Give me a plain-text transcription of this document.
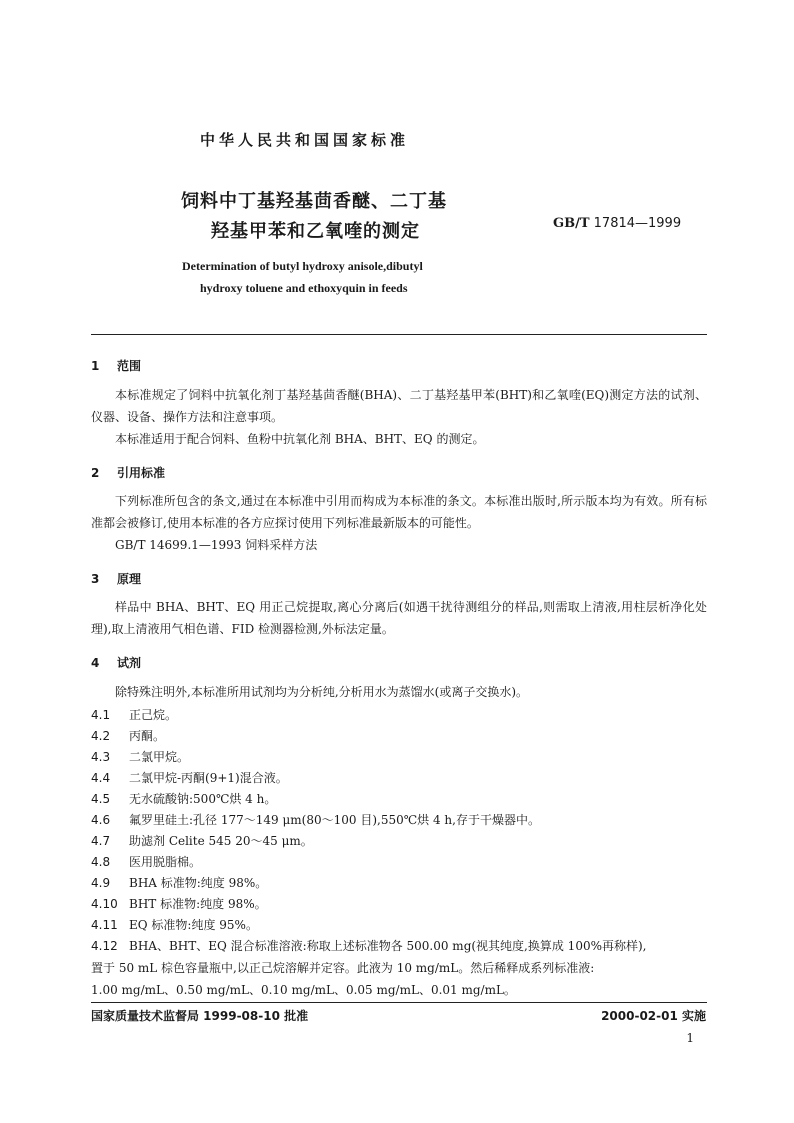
中华人民共和国国家标准
饲料中丁基羟基茴香醚、二丁基
羟基甲苯和乙氧喹的测定	GB/T 17814—1999
Determination of butyl hydroxy anisole,dibutyl
hydroxy toluene and ethoxyquin in feeds
1 范围
本标准规定了饲料中抗氧化剂丁基羟基茴香醚(BHA)、二丁基羟基甲苯(BHT)和乙氧喹(EQ)测定方法的试剂、仪器、设备、操作方法和注意事项。
本标准适用于配合饲料、鱼粉中抗氧化剂 BHA、BHT、EQ 的测定。
2 引用标准
下列标准所包含的条文,通过在本标准中引用而构成为本标准的条文。本标准出版时,所示版本均为有效。所有标准都会被修订,使用本标准的各方应探讨使用下列标准最新版本的可能性。
GB/T 14699.1—1993 饲料采样方法
3 原理
样品中 BHA、BHT、EQ 用正己烷提取,离心分离后(如遇干扰待测组分的样品,则需取上清液,用柱层析净化处理),取上清液用气相色谱、FID 检测器检测,外标法定量。
4 试剂
除特殊注明外,本标准所用试剂均为分析纯,分析用水为蒸馏水(或离子交换水)。
4.1 正己烷。
4.2 丙酮。
4.3 二氯甲烷。
4.4 二氯甲烷-丙酮(9+1)混合液。
4.5 无水硫酸钠:500℃烘 4 h。
4.6 氟罗里硅土:孔径 177～149 μm(80～100 目),550℃烘 4 h,存于干燥器中。
4.7 助滤剂 Celite 545 20～45 μm。
4.8 医用脱脂棉。
4.9 BHA 标准物:纯度 98%。
4.10 BHT 标准物:纯度 98%。
4.11 EQ 标准物:纯度 95%。
4.12 BHA、BHT、EQ 混合标准溶液:称取上述标准物各 500.00 mg(视其纯度,换算成 100%再称样),
置于 50 mL 棕色容量瓶中,以正己烷溶解并定容。此液为 10 mg/mL。然后稀释成系列标准液:
1.00 mg/mL、0.50 mg/mL、0.10 mg/mL、0.05 mg/mL、0.01 mg/mL。
国家质量技术监督局 1999-08-10 批准	2000-02-01 实施
1
